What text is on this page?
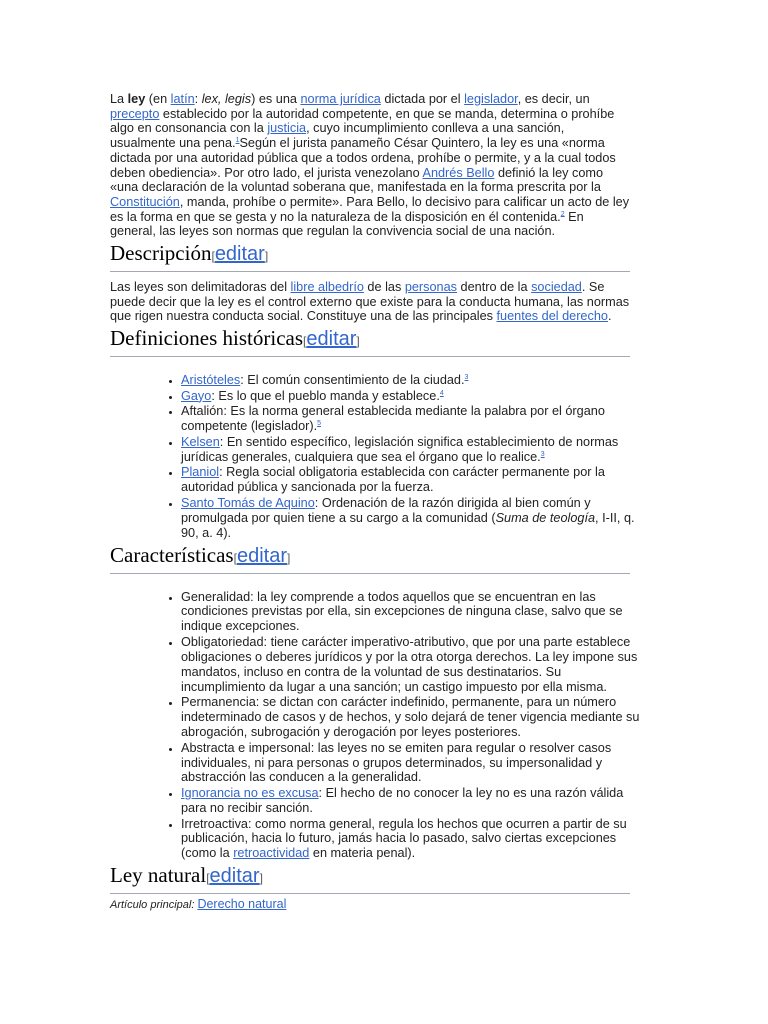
La ley (en latín: lex, legis) es una norma jurídica dictada por el legislador, es decir, un precepto establecido por la autoridad competente, en que se manda, determina o prohíbe algo en consonancia con la justicia, cuyo incumplimiento conlleva a una sanción, usualmente una pena.$^1$Según el jurista panameño César Quintero, la ley es una «norma dictada por una autoridad pública que a todos ordena, prohíbe o permite, y a la cual todos deben obediencia». Por otro lado, el jurista venezolano Andrés Bello definió la ley como «una declaración de la voluntad soberana que, manifestada en la forma prescrita por la Constitución, manda, prohíbe o permite». Para Bello, lo decisivo para calificar un acto de ley es la forma en que se gesta y no la naturaleza de la disposición en él contenida.$^2$ En general, las leyes son normas que regulan la convivencia social de una nación.

Descripción[editar]

Las leyes son delimitadoras del libre albedrío de las personas dentro de la sociedad. Se puede decir que la ley es el control externo que existe para la conducta humana, las normas que rigen nuestra conducta social. Constituye una de las principales fuentes del derecho.

Definiciones históricas[editar]
• Aristóteles: El común consentimiento de la ciudad.$^3$
• Gayo: Es lo que el pueblo manda y establece.$^4$
• Aftalión: Es la norma general establecida mediante la palabra por el órgano competente (legislador).$^5$
• Kelsen: En sentido específico, legislación significa establecimiento de normas jurídicas generales, cualquiera que sea el órgano que lo realice.$^3$
• Planiol: Regla social obligatoria establecida con carácter permanente por la autoridad pública y sancionada por la fuerza.
• Santo Tomás de Aquino: Ordenación de la razón dirigida al bien común y promulgada por quien tiene a su cargo a la comunidad (Suma de teología, I-II, q. 90, a. 4).
Características[editar]
• Generalidad: la ley comprende a todos aquellos que se encuentran en las condiciones previstas por ella, sin excepciones de ninguna clase, salvo que se indique excepciones.
• Obligatoriedad: tiene carácter imperativo-atributivo, que por una parte establece obligaciones o deberes jurídicos y por la otra otorga derechos. La ley impone sus mandatos, incluso en contra de la voluntad de sus destinatarios. Su incumplimiento da lugar a una sanción; un castigo impuesto por ella misma.
• Permanencia: se dictan con carácter indefinido, permanente, para un número indeterminado de casos y de hechos, y solo dejará de tener vigencia mediante su abrogación, subrogación y derogación por leyes posteriores.
• Abstracta e impersonal: las leyes no se emiten para regular o resolver casos individuales, ni para personas o grupos determinados, su impersonalidad y abstracción las conducen a la generalidad.
• Ignorancia no es excusa: El hecho de no conocer la ley no es una razón válida para no recibir sanción.
• Irretroactiva: como norma general, regula los hechos que ocurren a partir de su publicación, hacia lo futuro, jamás hacia lo pasado, salvo ciertas excepciones (como la retroactividad en materia penal).
Ley natural[editar]

Artículo principal: Derecho natural
